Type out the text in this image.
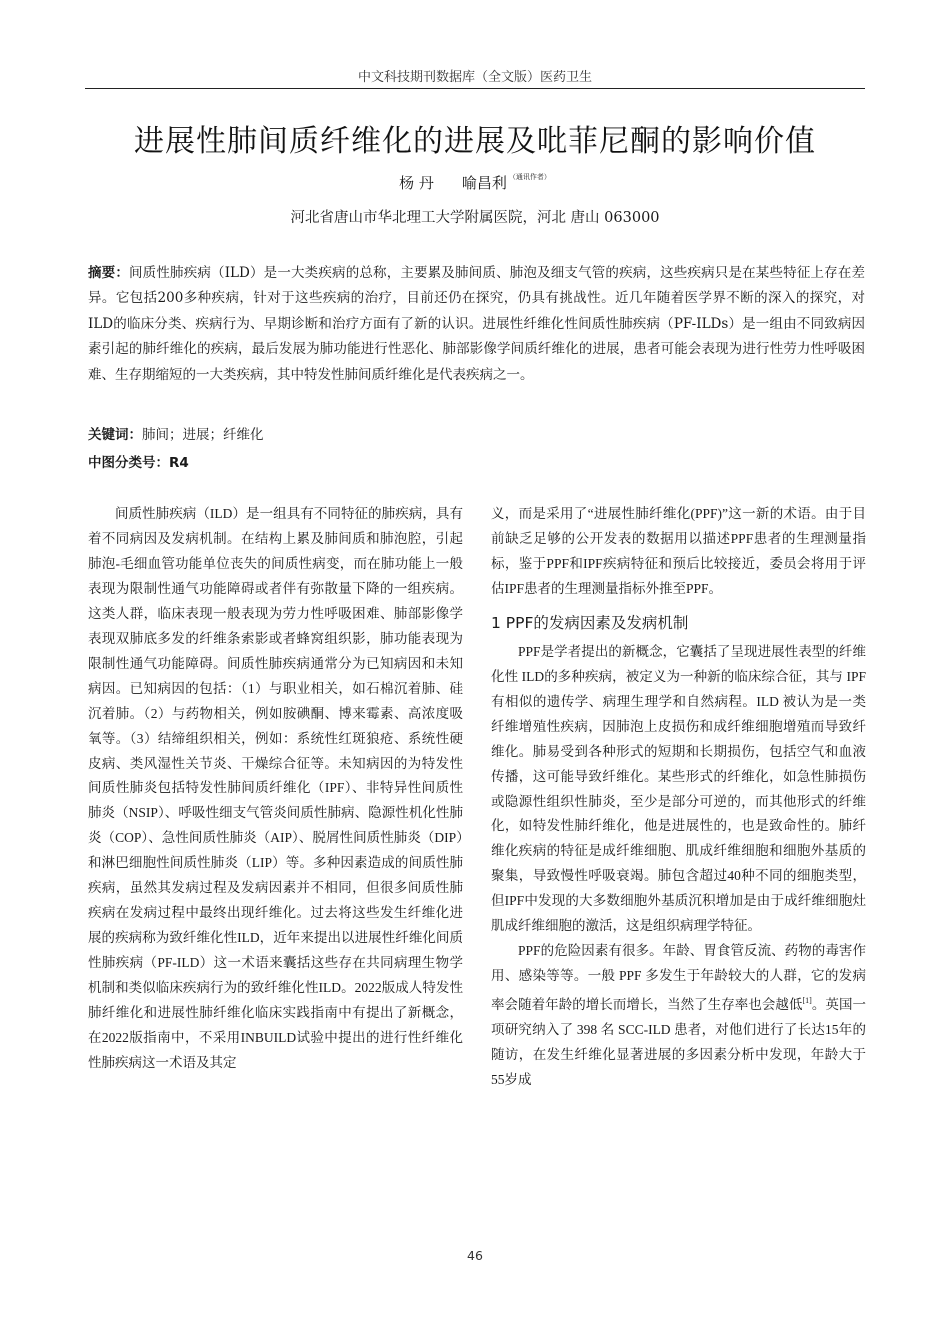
中文科技期刊数据库（全文版）医药卫生
进展性肺间质纤维化的进展及吡菲尼酮的影响价值
杨 丹 喻昌利 $^{(通讯作者)}$
河北省唐山市华北理工大学附属医院，河北 唐山 063000
摘要：间质性肺疾病（ILD）是一大类疾病的总称，主要累及肺间质、肺泡及细支气管的疾病，这些疾病只是在某些特征上存在差异。它包括200多种疾病，针对于这些疾病的治疗，目前还仍在探究，仍具有挑战性。近几年随着医学界不断的深入的探究，对ILD的临床分类、疾病行为、早期诊断和治疗方面有了新的认识。进展性纤维化性间质性肺疾病（PF-ILDs）是一组由不同致病因素引起的肺纤维化的疾病，最后发展为肺功能进行性恶化、肺部影像学间质纤维化的进展，患者可能会表现为进行性劳力性呼吸困难、生存期缩短的一大类疾病，其中特发性肺间质纤维化是代表疾病之一。
关键词：肺间；进展；纤维化
中图分类号：R4

间质性肺疾病（ILD）是一组具有不同特征的肺疾病，具有着不同病因及发病机制。在结构上累及肺间质和肺泡腔，引起肺泡-毛细血管功能单位丧失的间质性病变，而在肺功能上一般表现为限制性通气功能障碍或者伴有弥散量下降的一组疾病。这类人群，临床表现一般表现为劳力性呼吸困难、肺部影像学表现双肺底多发的纤维条索影或者蜂窝组织影，肺功能表现为限制性通气功能障碍。间质性肺疾病通常分为已知病因和未知病因。已知病因的包括：（1）与职业相关，如石棉沉着肺、硅沉着肺。（2）与药物相关，例如胺碘酮、博来霉素、高浓度吸氧等。（3）结缔组织相关，例如：系统性红斑狼疮、系统性硬皮病、类风湿性关节炎、干燥综合征等。未知病因的为特发性间质性肺炎包括特发性肺间质纤维化（IPF）、非特异性间质性肺炎（NSIP）、呼吸性细支气管炎间质性肺病、隐源性机化性肺炎（COP）、急性间质性肺炎（AIP）、脱屑性间质性肺炎（DIP）和淋巴细胞性间质性肺炎（LIP）等。多种因素造成的间质性肺疾病，虽然其发病过程及发病因素并不相同，但很多间质性肺疾病在发病过程中最终出现纤维化。过去将这些发生纤维化进展的疾病称为致纤维化性ILD，近年来提出以进展性纤维化间质性肺疾病（PF-ILD）这一术语来囊括这些存在共同病理生物学机制和类似临床疾病行为的致纤维化性ILD。2022版成人特发性肺纤维化和进展性肺纤维化临床实践指南中有提出了新概念，在2022版指南中，不采用INBUILD试验中提出的进行性纤维化性肺疾病这一术语及其定

义，而是采用了“进展性肺纤维化(PPF)”这一新的术语。由于目前缺乏足够的公开发表的数据用以描述PPF患者的生理测量指标，鉴于PPF和IPF疾病特征和预后比较接近，委员会将用于评估IPF患者的生理测量指标外推至PPF。

1 PPF的发病因素及发病机制

PPF是学者提出的新概念，它囊括了呈现进展性表型的纤维化性 ILD的多种疾病，被定义为一种新的临床综合征，其与 IPF有相似的遗传学、病理生理学和自然病程。ILD 被认为是一类纤维增殖性疾病，因肺泡上皮损伤和成纤维细胞增殖而导致纤维化。肺易受到各种形式的短期和长期损伤，包括空气和血液传播，这可能导致纤维化。某些形式的纤维化，如急性肺损伤或隐源性组织性肺炎，至少是部分可逆的，而其他形式的纤维化，如特发性肺纤维化，他是进展性的，也是致命性的。肺纤维化疾病的特征是成纤维细胞、肌成纤维细胞和细胞外基质的聚集，导致慢性呼吸衰竭。肺包含超过40种不同的细胞类型，但IPF中发现的大多数细胞外基质沉积增加是由于成纤维细胞灶肌成纤维细胞的激活，这是组织病理学特征。

PPF的危险因素有很多。年龄、胃食管反流、药物的毒害作用、感染等等。一般 PPF 多发生于年龄较大的人群，它的发病率会随着年龄的增长而增长，当然了生存率也会越低[1]。英国一项研究纳入了 398 名 SCC-ILD 患者，对他们进行了长达15年的随访，在发生纤维化显著进展的多因素分析中发现，年龄大于55岁成

46
